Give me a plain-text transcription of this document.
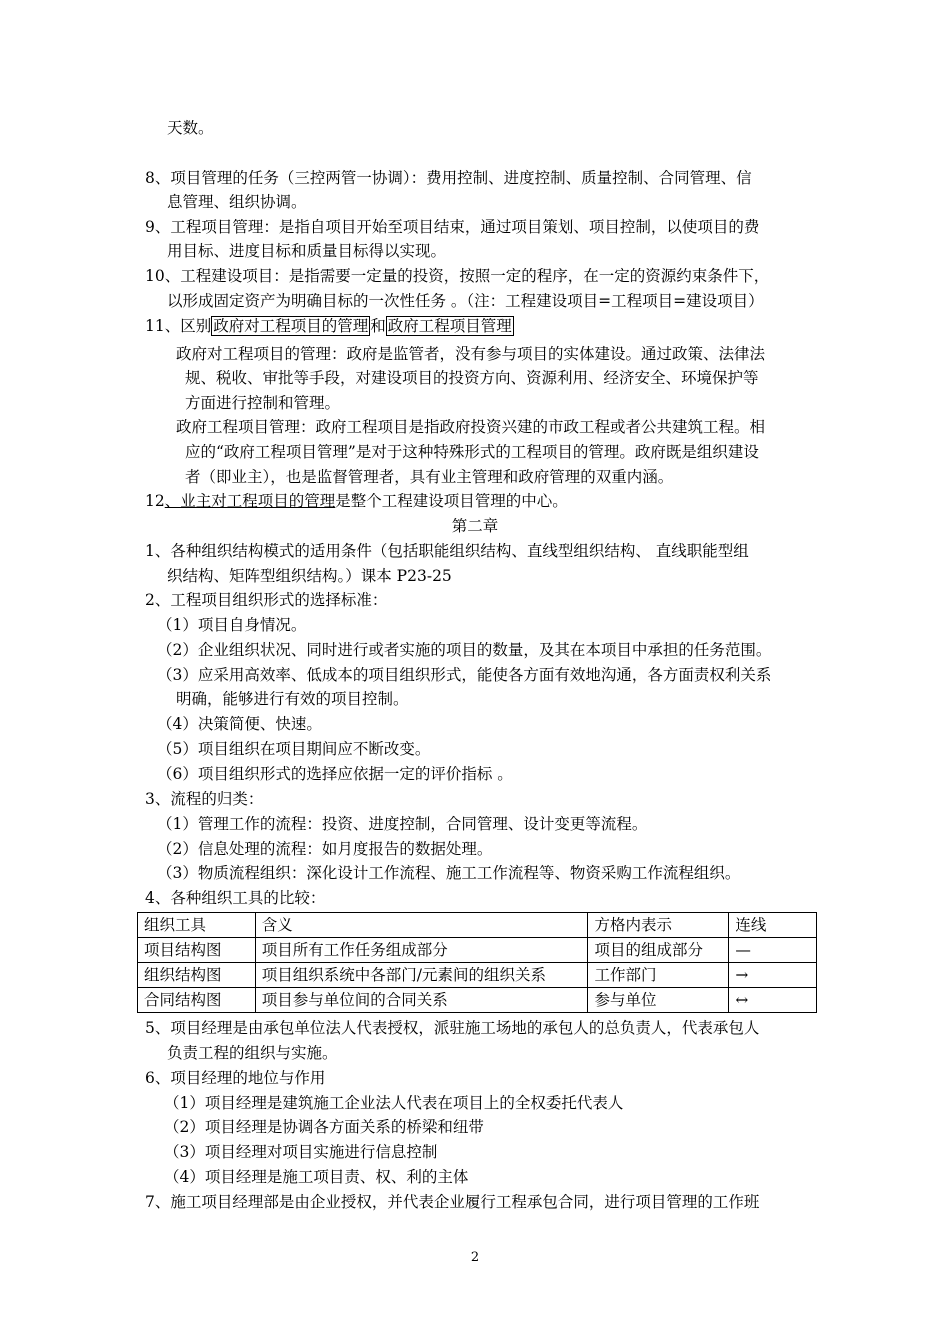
天数。
8、项目管理的任务（三控两管一协调）：费用控制、进度控制、质量控制、合同管理、信
息管理、组织协调。
9、工程项目管理：是指自项目开始至项目结束，通过项目策划、项目控制，以使项目的费
用目标、进度目标和质量目标得以实现。
10、工程建设项目：是指需要一定量的投资，按照一定的程序，在一定的资源约束条件下，
以形成固定资产为明确目标的一次性任务 。（注：工程建设项目=工程项目=建设项目）
11、区别 政府对工程项目的管理 和 政府工程项目管理
政府对工程项目的管理：政府是监管者，没有参与项目的实体建设。通过政策、法律法
规、税收、审批等手段，对建设项目的投资方向、资源利用、经济安全、环境保护等
方面进行控制和管理。
政府工程项目管理：政府工程项目是指政府投资兴建的市政工程或者公共建筑工程。相
应的“政府工程项目管理”是对于这种特殊形式的工程项目的管理。政府既是组织建设
者（即业主），也是监督管理者，具有业主管理和政府管理的双重内涵。
12、业主对工程项目的管理是整个工程建设项目管理的中心。
第二章
1、各种组织结构模式的适用条件（包括职能组织结构、直线型组织结构、 直线职能型组
织结构、矩阵型组织结构。）课本 P23-25
2、工程项目组织形式的选择标准：
（1）项目自身情况。
（2）企业组织状况、同时进行或者实施的项目的数量，及其在本项目中承担的任务范围。
（3）应采用高效率、低成本的项目组织形式，能使各方面有效地沟通，各方面责权利关系
明确，能够进行有效的项目控制。
（4）决策简便、快速。
（5）项目组织在项目期间应不断改变。
（6）项目组织形式的选择应依据一定的评价指标 。
3、流程的归类：
（1）管理工作的流程：投资、进度控制，合同管理、设计变更等流程。
（2）信息处理的流程：如月度报告的数据处理。
（3）物质流程组织：深化设计工作流程、施工工作流程等、物资采购工作流程组织。
4、各种组织工具的比较：
组织工具	含义	方格内表示	连线
项目结构图	项目所有工作任务组成部分	项目的组成部分	—
组织结构图	项目组织系统中各部门/元素间的组织关系	工作部门	→
合同结构图	项目参与单位间的合同关系	参与单位	↔
5、项目经理是由承包单位法人代表授权，派驻施工场地的承包人的总负责人，代表承包人
负责工程的组织与实施。
6、项目经理的地位与作用
（1）项目经理是建筑施工企业法人代表在项目上的全权委托代表人
（2）项目经理是协调各方面关系的桥梁和纽带
（3）项目经理对项目实施进行信息控制
（4）项目经理是施工项目责、权、利的主体
7、施工项目经理部是由企业授权，并代表企业履行工程承包合同，进行项目管理的工作班
2
